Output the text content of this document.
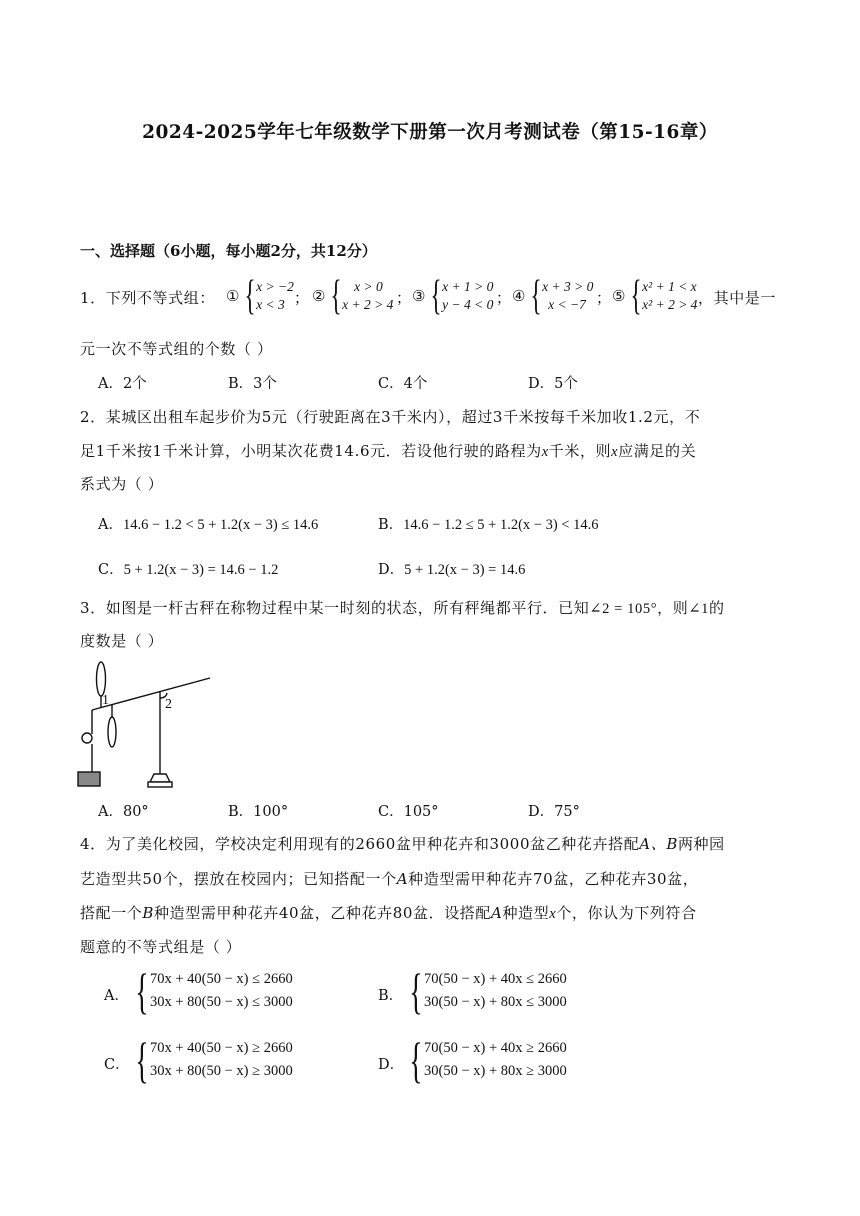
2024-2025学年七年级数学下册第一次月考测试卷（第15-16章）
一、选择题（6小题，每小题2分，共12分）
1．下列不等式组： ① { x > −2
x < 3 ； ② { x > 0
x + 2 > 4 ； ③ { x + 1 > 0
y − 4 < 0 ； ④ { x + 3 > 0
x < −7 ； ⑤ { x² + 1 < x
x² + 2 > 4 ，其中是一
元一次不等式组的个数（ ）
A．2个	B．3个	C．4个	D．5个
2．某城区出租车起步价为5元（行驶距离在3千米内），超过3千米按每千米加收1.2元，不
足1千米按1千米计算，小明某次花费14.6元．若设他行驶的路程为x千米，则x应满足的关
系式为（ ）
A．14.6 − 1.2 < 5 + 1.2(x − 3) ≤ 14.6	B．14.6 − 1.2 ≤ 5 + 1.2(x − 3) < 14.6
C．5 + 1.2(x − 3) = 14.6 − 1.2	D．5 + 1.2(x − 3) = 14.6
3．如图是一杆古秤在称物过程中某一时刻的状态，所有秤绳都平行．已知∠2 = 105°，则∠1的
度数是（ ）
1	2
A．80°	B．100°	C．105°	D．75°
4．为了美化校园，学校决定利用现有的2660盆甲种花卉和3000盆乙种花卉搭配A、B两种园
艺造型共50个，摆放在校园内；已知搭配一个A种造型需甲种花卉70盆，乙种花卉30盆，
搭配一个B种造型需甲种花卉40盆，乙种花卉80盆．设搭配A种造型x个，你认为下列符合
题意的不等式组是（ ）
A． { 70x + 40(50 − x) ≤ 2660
30x + 80(50 − x) ≤ 3000	B． { 70(50 − x) + 40x ≤ 2660
30(50 − x) + 80x ≤ 3000
C． { 70x + 40(50 − x) ≥ 2660
30x + 80(50 − x) ≥ 3000	D． { 70(50 − x) + 40x ≥ 2660
30(50 − x) + 80x ≥ 3000
